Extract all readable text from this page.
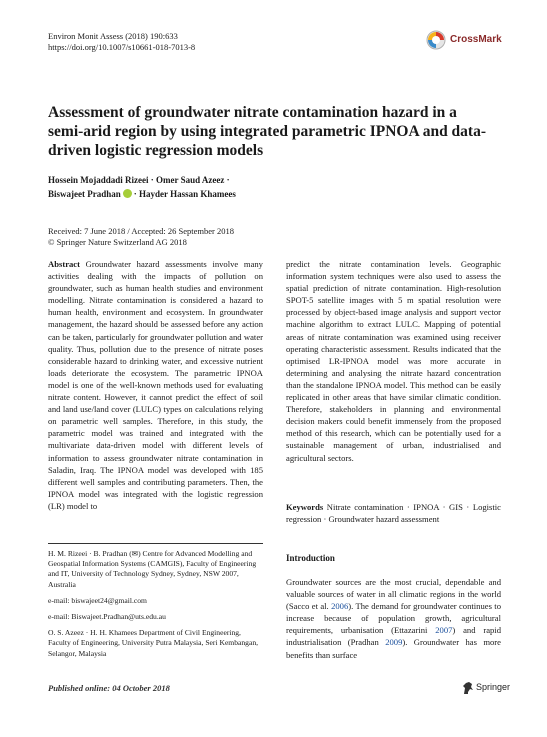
Environ Monit Assess (2018) 190:633
https://doi.org/10.1007/s10661-018-7013-8
CrossMark
Assessment of groundwater nitrate contamination hazard in a semi-arid region by using integrated parametric IPNOA and data-driven logistic regression models
Hossein Mojaddadi Rizeei · Omer Saud Azeez ·
Biswajeet Pradhan · Hayder Hassan Khamees
Received: 7 June 2018 / Accepted: 26 September 2018
© Springer Nature Switzerland AG 2018

Abstract Groundwater hazard assessments involve many activities dealing with the impacts of pollution on groundwater, such as human health studies and environment modelling. Nitrate contamination is considered a hazard to human health, environment and ecosystem. In groundwater management, the hazard should be assessed before any action can be taken, particularly for groundwater pollution and water quality. Thus, pollution due to the presence of nitrate poses considerable hazard to drinking water, and excessive nutrient loads deteriorate the ecosystem. The parametric IPNOA model is one of the well-known methods used for evaluating nitrate content. However, it cannot predict the effect of soil and land use/land cover (LULC) types on calculations relying on parametric well samples. Therefore, in this study, the parametric model was trained and integrated with the multivariate data-driven model with different levels of information to assess groundwater nitrate contamination in Saladin, Iraq. The IPNOA model was developed with 185 different well samples and contributing parameters. Then, the IPNOA model was integrated with the logistic regression (LR) model to

predict the nitrate contamination levels. Geographic information system techniques were also used to assess the spatial prediction of nitrate contamination. High-resolution SPOT-5 satellite images with 5 m spatial resolution were processed by object-based image analysis and support vector machine algorithm to extract LULC. Mapping of potential areas of nitrate contamination was examined using receiver operating characteristic assessment. Results indicated that the optimised LR-IPNOA model was more accurate in determining and analysing the nitrate hazard concentration than the standalone IPNOA model. This method can be easily replicated in other areas that have similar climatic condition. Therefore, stakeholders in planning and environmental decision makers could benefit immensely from the proposed method of this research, which can be potentially used for a sustainable management of urban, industrialised and agricultural sectors.

Keywords Nitrate contamination · IPNOA · GIS · Logistic regression · Groundwater hazard assessment

H. M. Rizeei · B. Pradhan (✉) Centre for Advanced Modelling and Geospatial Information Systems (CAMGIS), Faculty of Engineering and IT, University of Technology Sydney, Sydney, NSW 2007, Australia

e-mail: biswajeet24@gmail.com

e-mail: Biswajeet.Pradhan@uts.edu.au

O. S. Azeez · H. H. Khamees Department of Civil Engineering, Faculty of Engineering, University Putra Malaysia, Seri Kembangan, Selangor, Malaysia

Introduction

Groundwater sources are the most crucial, dependable and valuable sources of water in all climatic regions in the world (Sacco et al. 2006). The demand for groundwater continues to increase because of population growth, agricultural requirements, urbanisation (Ettazarini 2007) and rapid industrialisation (Pradhan 2009). Groundwater has more benefits than surface

Published online: 04 October 2018	Springer
